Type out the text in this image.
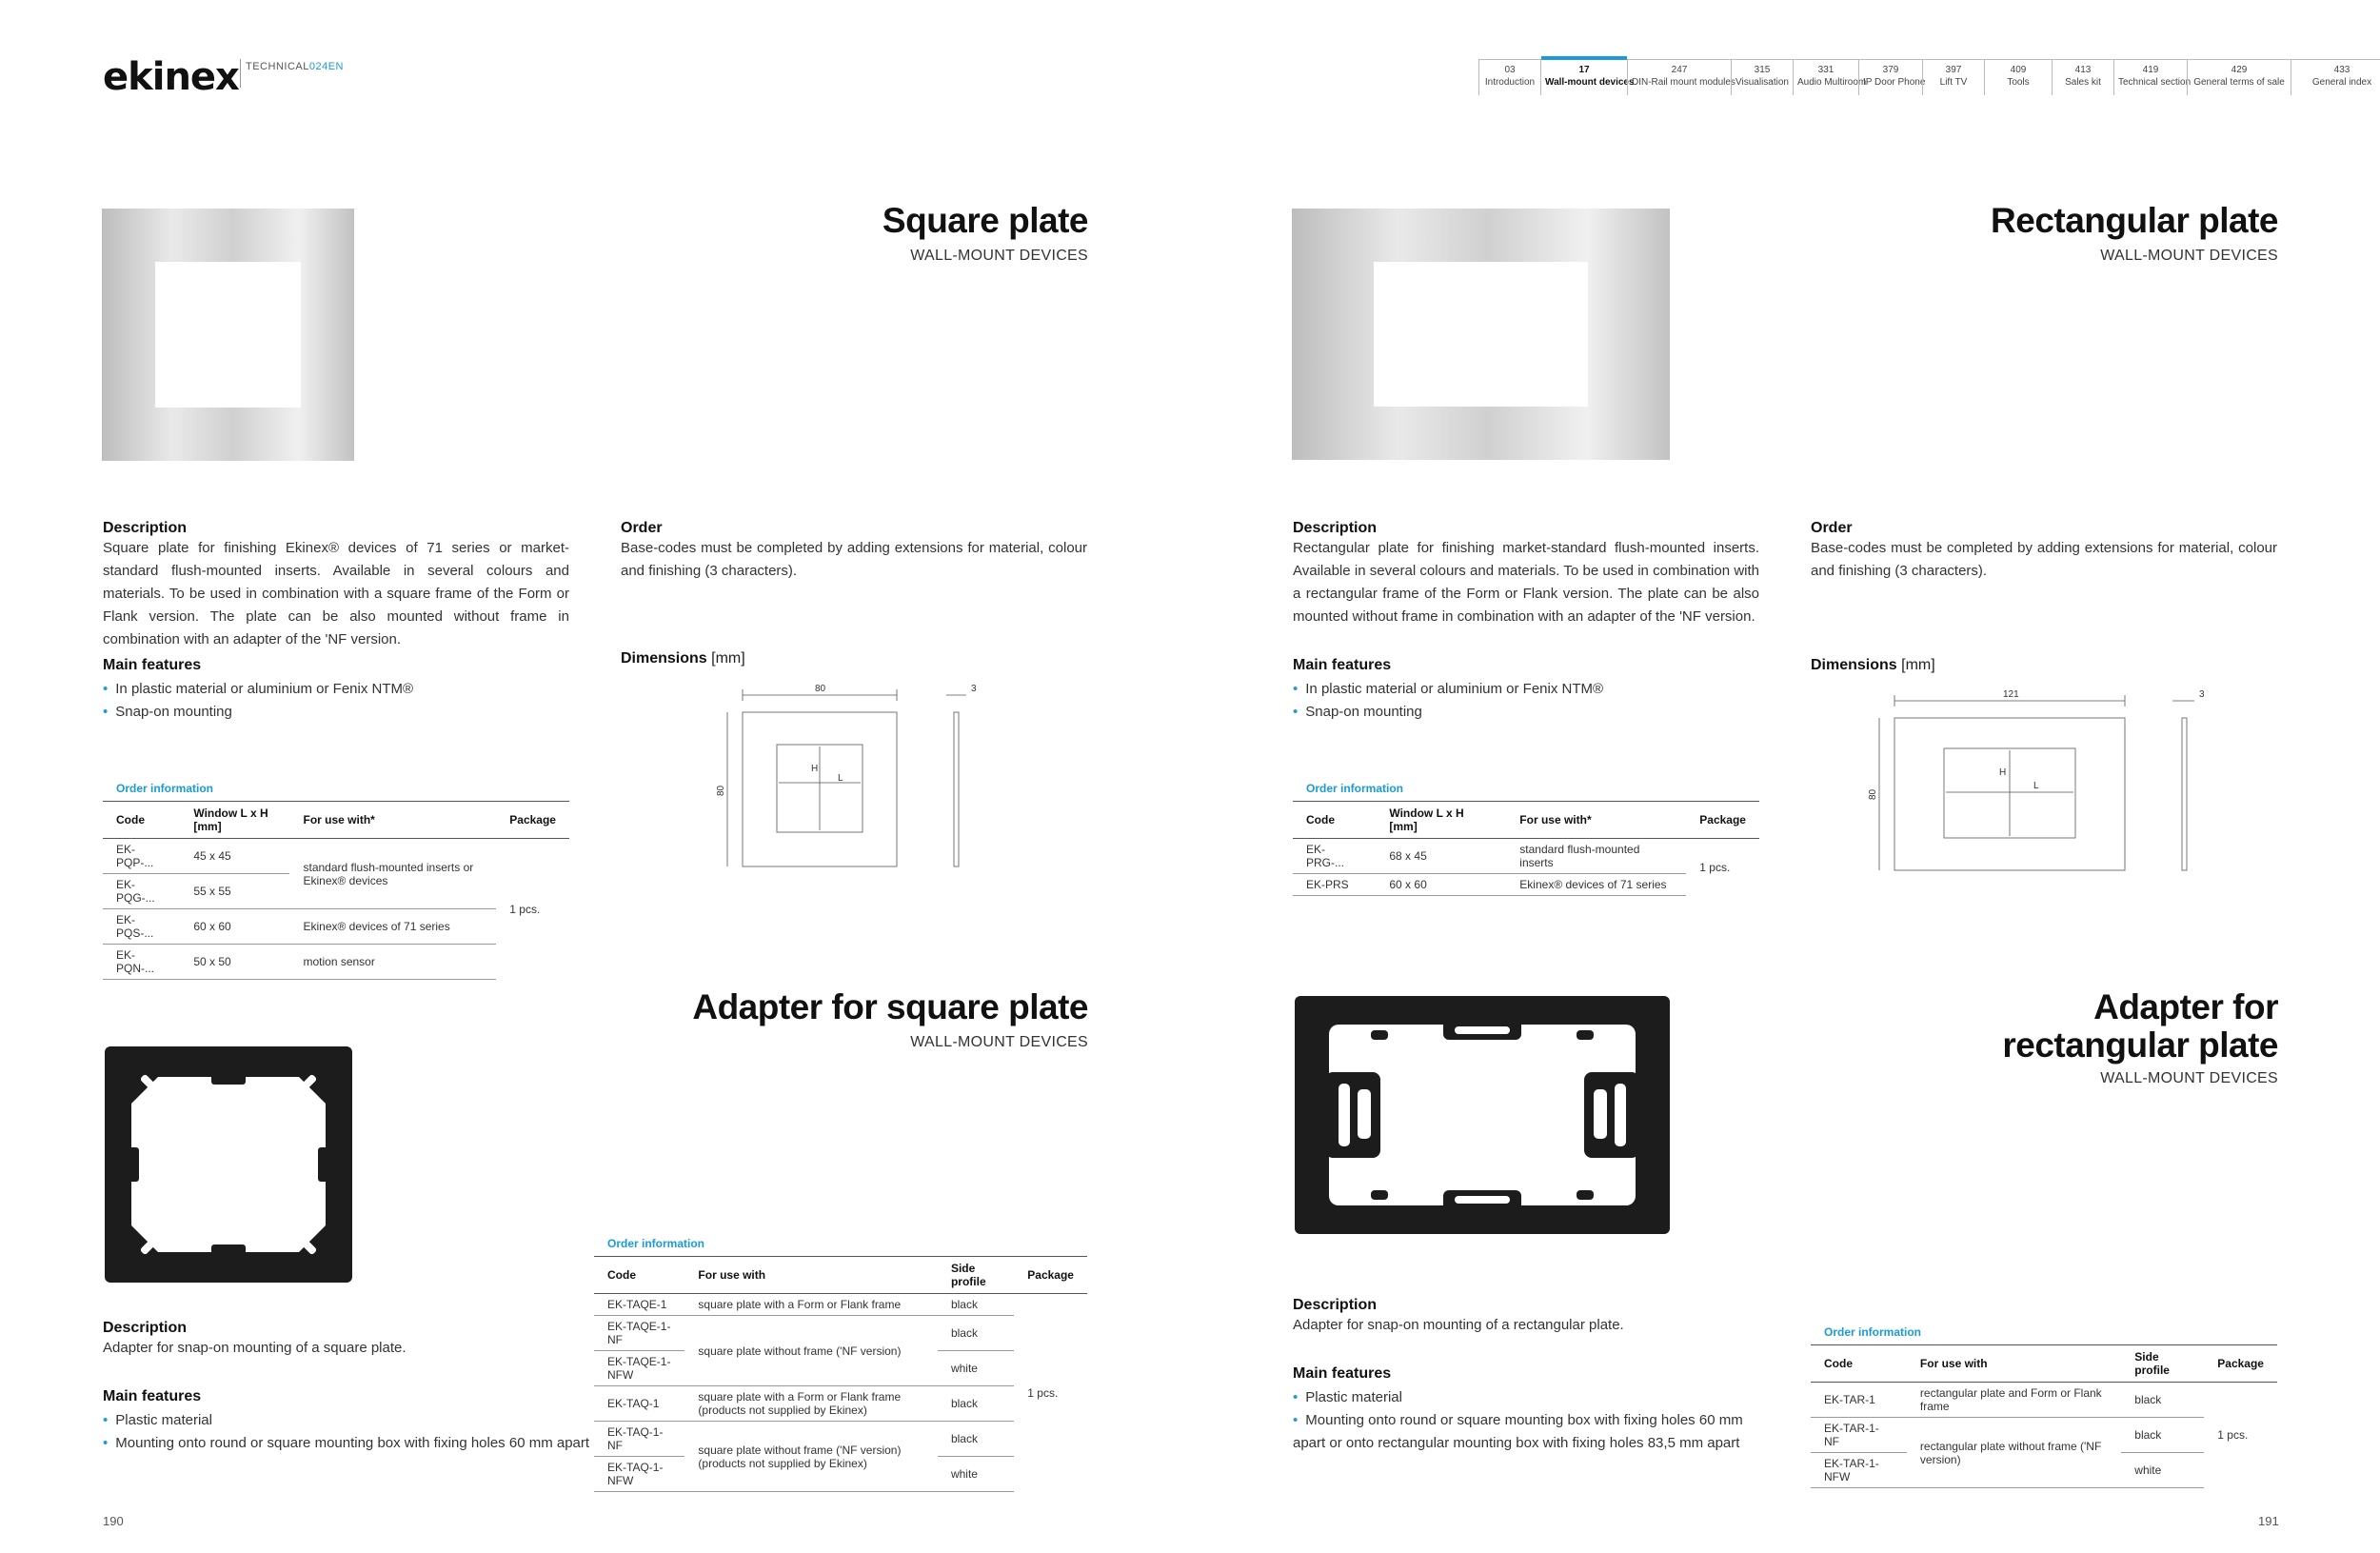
ekinex TECHNICAL024EN	03
Introduction
17
Wall-mount devices
247
DIN-Rail mount modules
315
Visualisation
331
Audio Multiroom
379
IP Door Phone
397
Lift TV
409
Tools
413
Sales kit
419
Technical section
429
General terms of sale
433
General index
Square plate
WALL-MOUNT DEVICES
Description
Square plate for finishing Ekinex® devices of 71 series or market-standard flush-mounted inserts. Available in several colours and materials. To be used in combination with a square frame of the Form or Flank version. The plate can be also mounted without frame in combination with an adapter of the 'NF version.
Main features
• In plastic material or aluminium or Fenix NTM®
• Snap-on mounting
Order
Base-codes must be completed by adding extensions for material, colour and finishing (3 characters).
Dimensions [mm]
80
80
H
L
3
Order information
Code	Window L x H [mm]	For use with*	Package
EK-PQP-...	45 x 45	standard flush-mounted inserts or Ekinex® devices	1 pcs.
EK-PQG-...	55 x 55		
EK-PQS-...	60 x 60	Ekinex® devices of 71 series	
EK-PQN-...	50 x 50	motion sensor	
Adapter for square plate
WALL-MOUNT DEVICES
Description
Adapter for snap-on mounting of a square plate.
Main features
• Plastic material
• Mounting onto round or square mounting box with fixing holes 60 mm apart
Order information
Code	For use with	Side profile	Package
EK-TAQE-1	square plate with a Form or Flank frame	black	1 pcs.
EK-TAQE-1-NF	square plate without frame ('NF version)	black	
EK-TAQE-1-NFW		white	
EK-TAQ-1	square plate with a Form or Flank frame (products not supplied by Ekinex)	black	
EK-TAQ-1-NF	square plate without frame ('NF version) (products not supplied by Ekinex)	black	
EK-TAQ-1-NFW		white	
190
Rectangular plate
WALL-MOUNT DEVICES
Description
Rectangular plate for finishing market-standard flush-mounted inserts. Available in several colours and materials. To be used in combination with a rectangular frame of the Form or Flank version. The plate can be also mounted without frame in combination with an adapter of the 'NF version.
Main features
• In plastic material or aluminium or Fenix NTM®
• Snap-on mounting
Order
Base-codes must be completed by adding extensions for material, colour and finishing (3 characters).
Dimensions [mm]
121
80
H
L
3
Order information
Code	Window L x H [mm]	For use with*	Package
EK-PRG-...	68 x 45	standard flush-mounted inserts	1 pcs.
EK-PRS	60 x 60	Ekinex® devices of 71 series	
Adapter for
rectangular plate
WALL-MOUNT DEVICES
Description
Adapter for snap-on mounting of a rectangular plate.
Main features
• Plastic material
• Mounting onto round or square mounting box with fixing holes 60 mm apart or onto rectangular mounting box with fixing holes 83,5 mm apart
Order information
Code	For use with	Side profile	Package
EK-TAR-1	rectangular plate and Form or Flank frame	black	1 pcs.
EK-TAR-1-NF	rectangular plate without frame ('NF version)	black	
EK-TAR-1-NFW		white	
191
